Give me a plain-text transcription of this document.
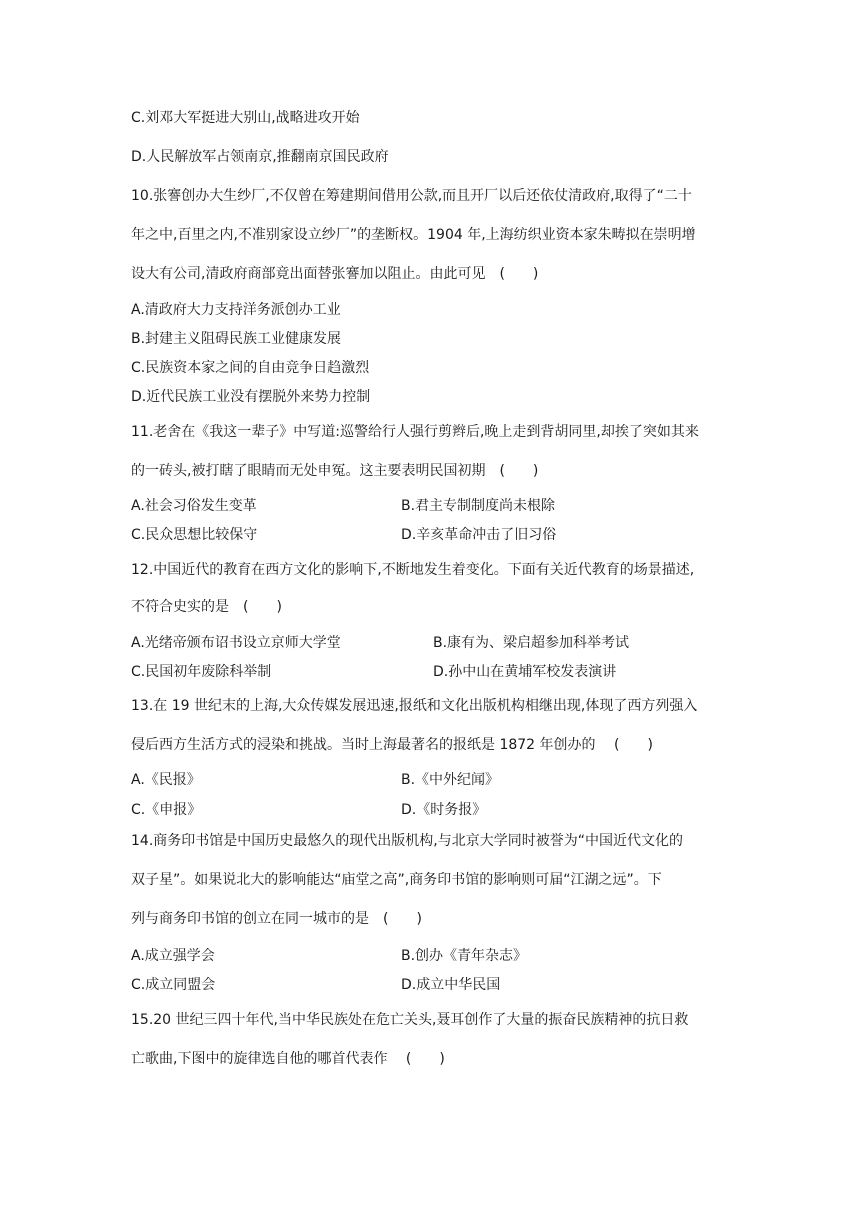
C.刘邓大军挺进大别山,战略进攻开始
D.人民解放军占领南京,推翻南京国民政府
10.张謇创办大生纱厂,不仅曾在筹建期间借用公款,而且开厂以后还依仗清政府,取得了“二十
年之中,百里之内,不准别家设立纱厂”的垄断权。1904 年,上海纺织业资本家朱畴拟在崇明增
设大有公司,清政府商部竟出面替张謇加以阻止。由此可见　(　　)
A.清政府大力支持洋务派创办工业
B.封建主义阻碍民族工业健康发展
C.民族资本家之间的自由竞争日趋激烈
D.近代民族工业没有摆脱外来势力控制
11.老舍在《我这一辈子》中写道:巡警给行人强行剪辫后,晚上走到背胡同里,却挨了突如其来
的一砖头,被打瞎了眼睛而无处申冤。这主要表明民国初期　(　　)
A.社会习俗发生变革	B.君主专制制度尚未根除
C.民众思想比较保守	D.辛亥革命冲击了旧习俗
12.中国近代的教育在西方文化的影响下,不断地发生着变化。下面有关近代教育的场景描述,
不符合史实的是　(　　)
A.光绪帝颁布诏书设立京师大学堂	B.康有为、梁启超参加科举考试
C.民国初年废除科举制	D.孙中山在黄埔军校发表演讲
13.在 19 世纪末的上海,大众传媒发展迅速,报纸和文化出版机构相继出现,体现了西方列强入
侵后西方生活方式的浸染和挑战。当时上海最著名的报纸是 1872 年创办的　 (　　)
A.《民报》	B.《中外纪闻》
C.《申报》	D.《时务报》
14.商务印书馆是中国历史最悠久的现代出版机构,与北京大学同时被誉为“中国近代文化的
双子星”。如果说北大的影响能达“庙堂之高”,商务印书馆的影响则可届“江湖之远”。下
列与商务印书馆的创立在同一城市的是　(　　)
A.成立强学会	B.创办《青年杂志》
C.成立同盟会	D.成立中华民国
15.20 世纪三四十年代,当中华民族处在危亡关头,聂耳创作了大量的振奋民族精神的抗日救
亡歌曲,下图中的旋律选自他的哪首代表作　 (　　)
